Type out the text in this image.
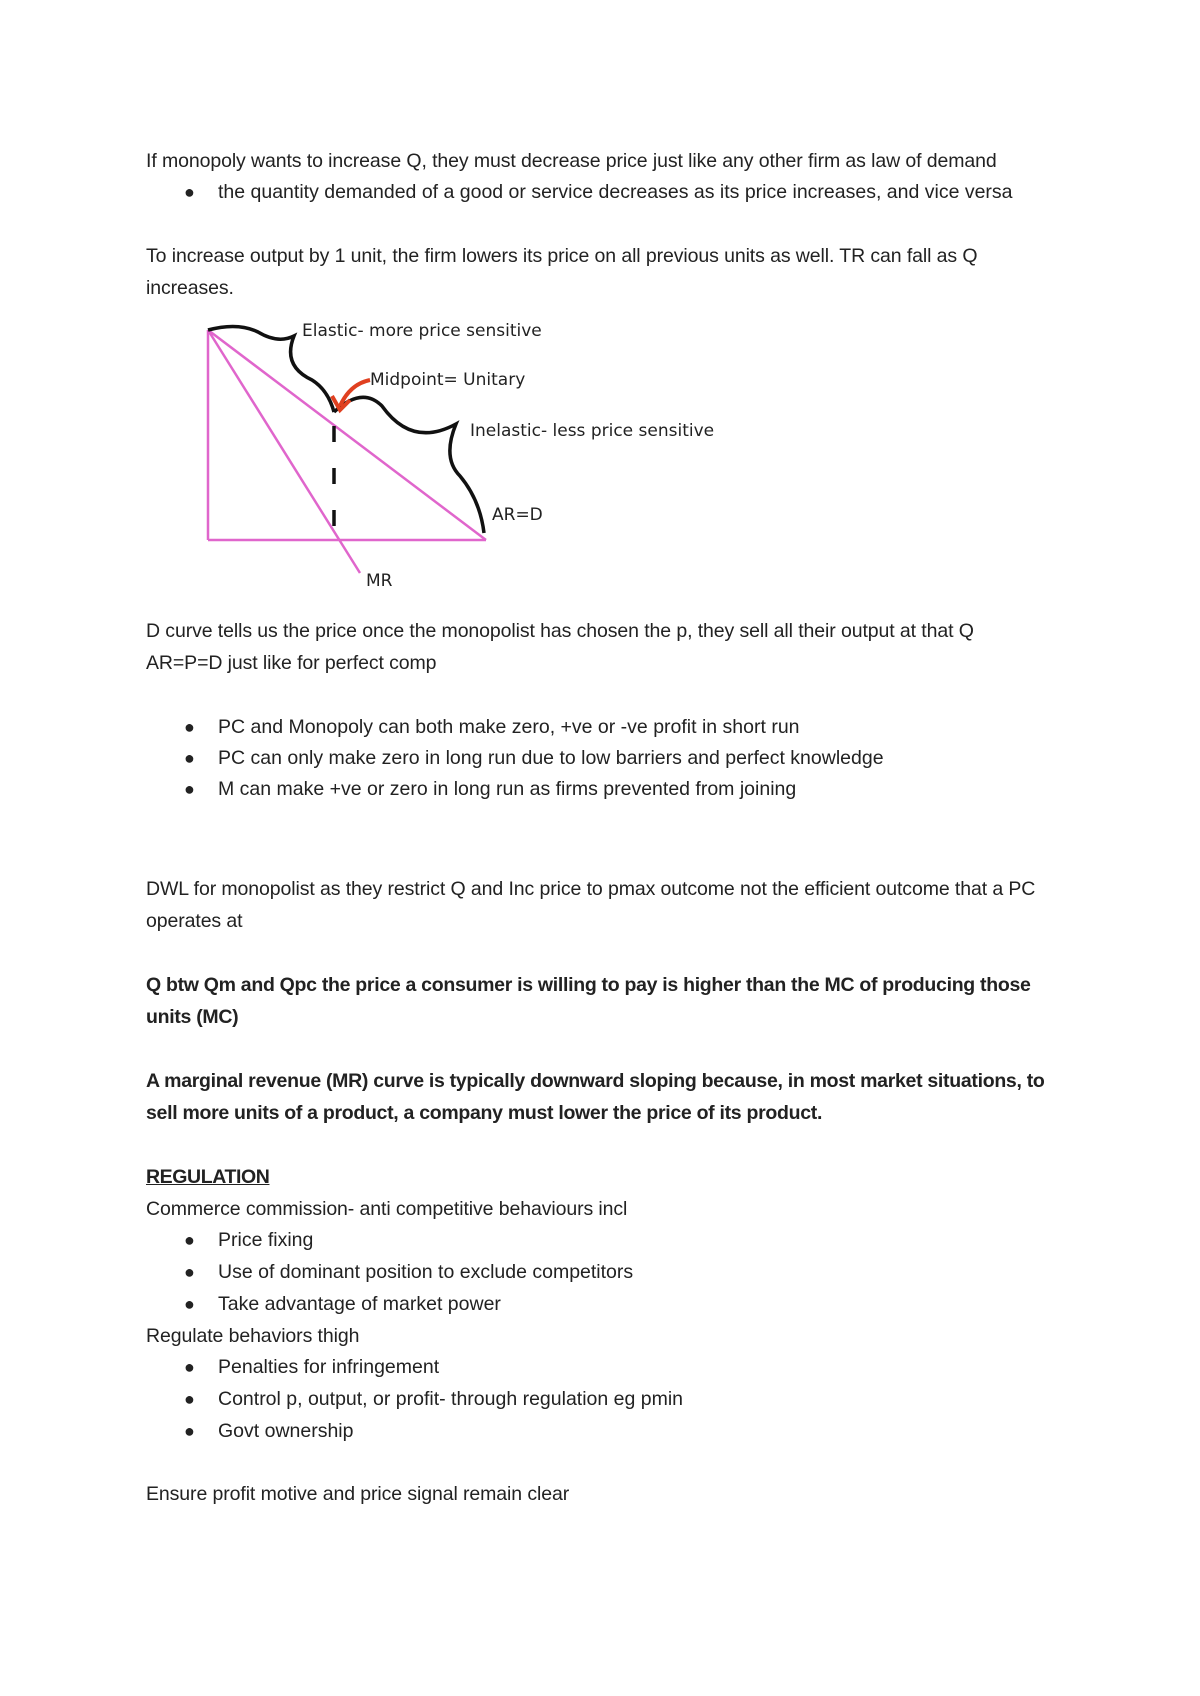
If monopoly wants to increase Q, they must decrease price just like any other firm as law of demand
● the quantity demanded of a good or service decreases as its price increases, and vice versa
To increase output by 1 unit, the firm lowers its price on all previous units as well. TR can fall as Q increases.
Elastic- more price sensitive
Midpoint= Unitary
Inelastic- less price sensitive
AR=D
MR
D curve tells us the price once the monopolist has chosen the p, they sell all their output at that Q
AR=P=D just like for perfect comp
● PC and Monopoly can both make zero, +ve or -ve profit in short run
● PC can only make zero in long run due to low barriers and perfect knowledge
● M can make +ve or zero in long run as firms prevented from joining
DWL for monopolist as they restrict Q and Inc price to pmax outcome not the efficient outcome that a PC operates at
Q btw Qm and Qpc the price a consumer is willing to pay is higher than the MC of producing those units (MC)
A marginal revenue (MR) curve is typically downward sloping because, in most market situations, to sell more units of a product, a company must lower the price of its product.
REGULATION
Commerce commission- anti competitive behaviours incl
● Price fixing
● Use of dominant position to exclude competitors
● Take advantage of market power
Regulate behaviors thigh
● Penalties for infringement
● Control p, output, or profit- through regulation eg pmin
● Govt ownership
Ensure profit motive and price signal remain clear
